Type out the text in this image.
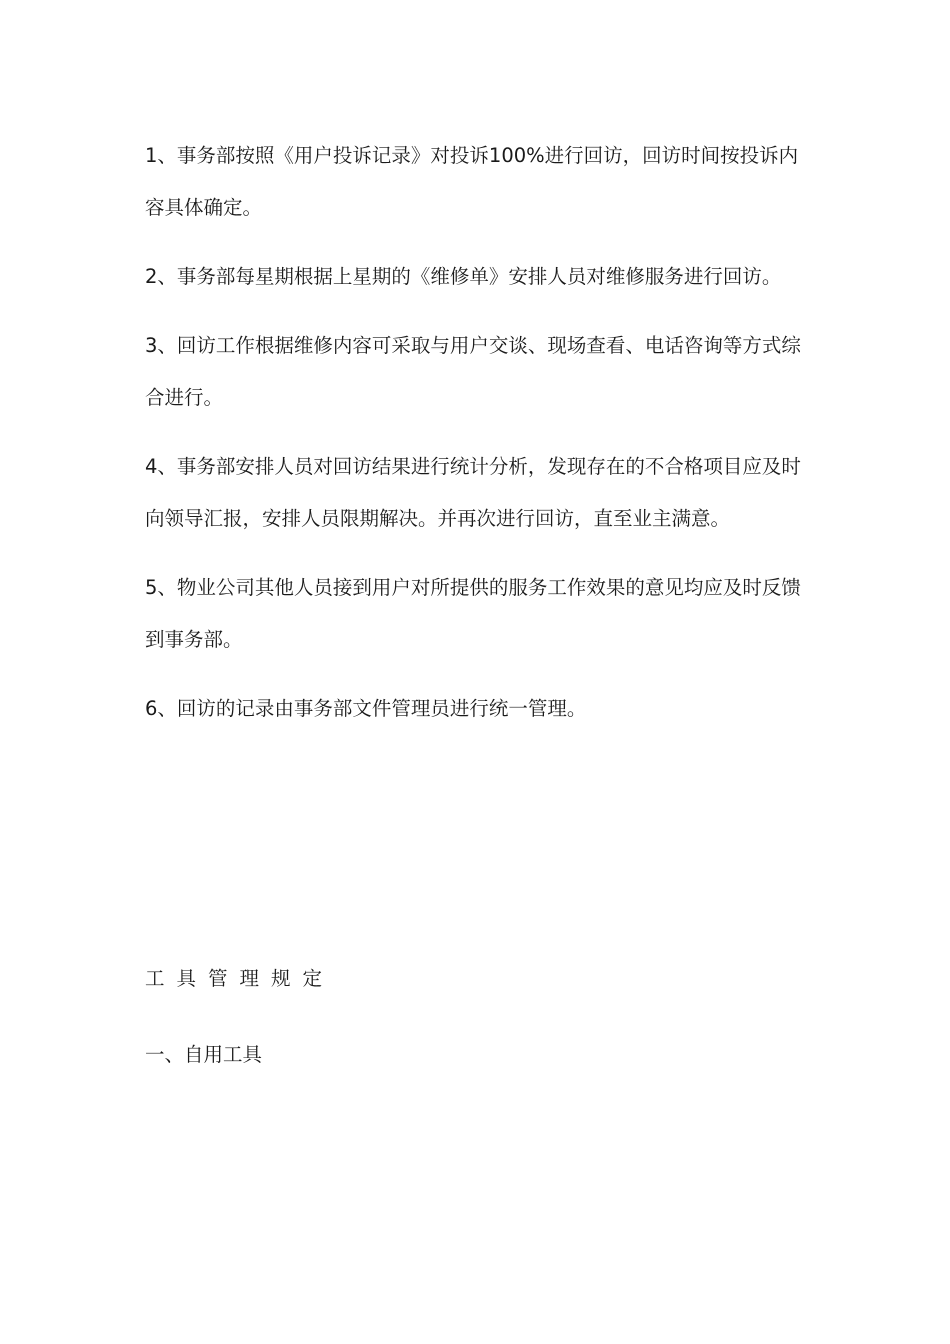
1、事务部按照《用户投诉记录》对投诉100%进行回访，回访时间按投诉内容具体确定。

2、事务部每星期根据上星期的《维修单》安排人员对维修服务进行回访。

3、回访工作根据维修内容可采取与用户交谈、现场查看、电话咨询等方式综合进行。

4、事务部安排人员对回访结果进行统计分析，发现存在的不合格项目应及时向领导汇报，安排人员限期解决。并再次进行回访，直至业主满意。

5、物业公司其他人员接到用户对所提供的服务工作效果的意见均应及时反馈到事务部。

6、回访的记录由事务部文件管理员进行统一管理。

工具管理规定
一、自用工具
